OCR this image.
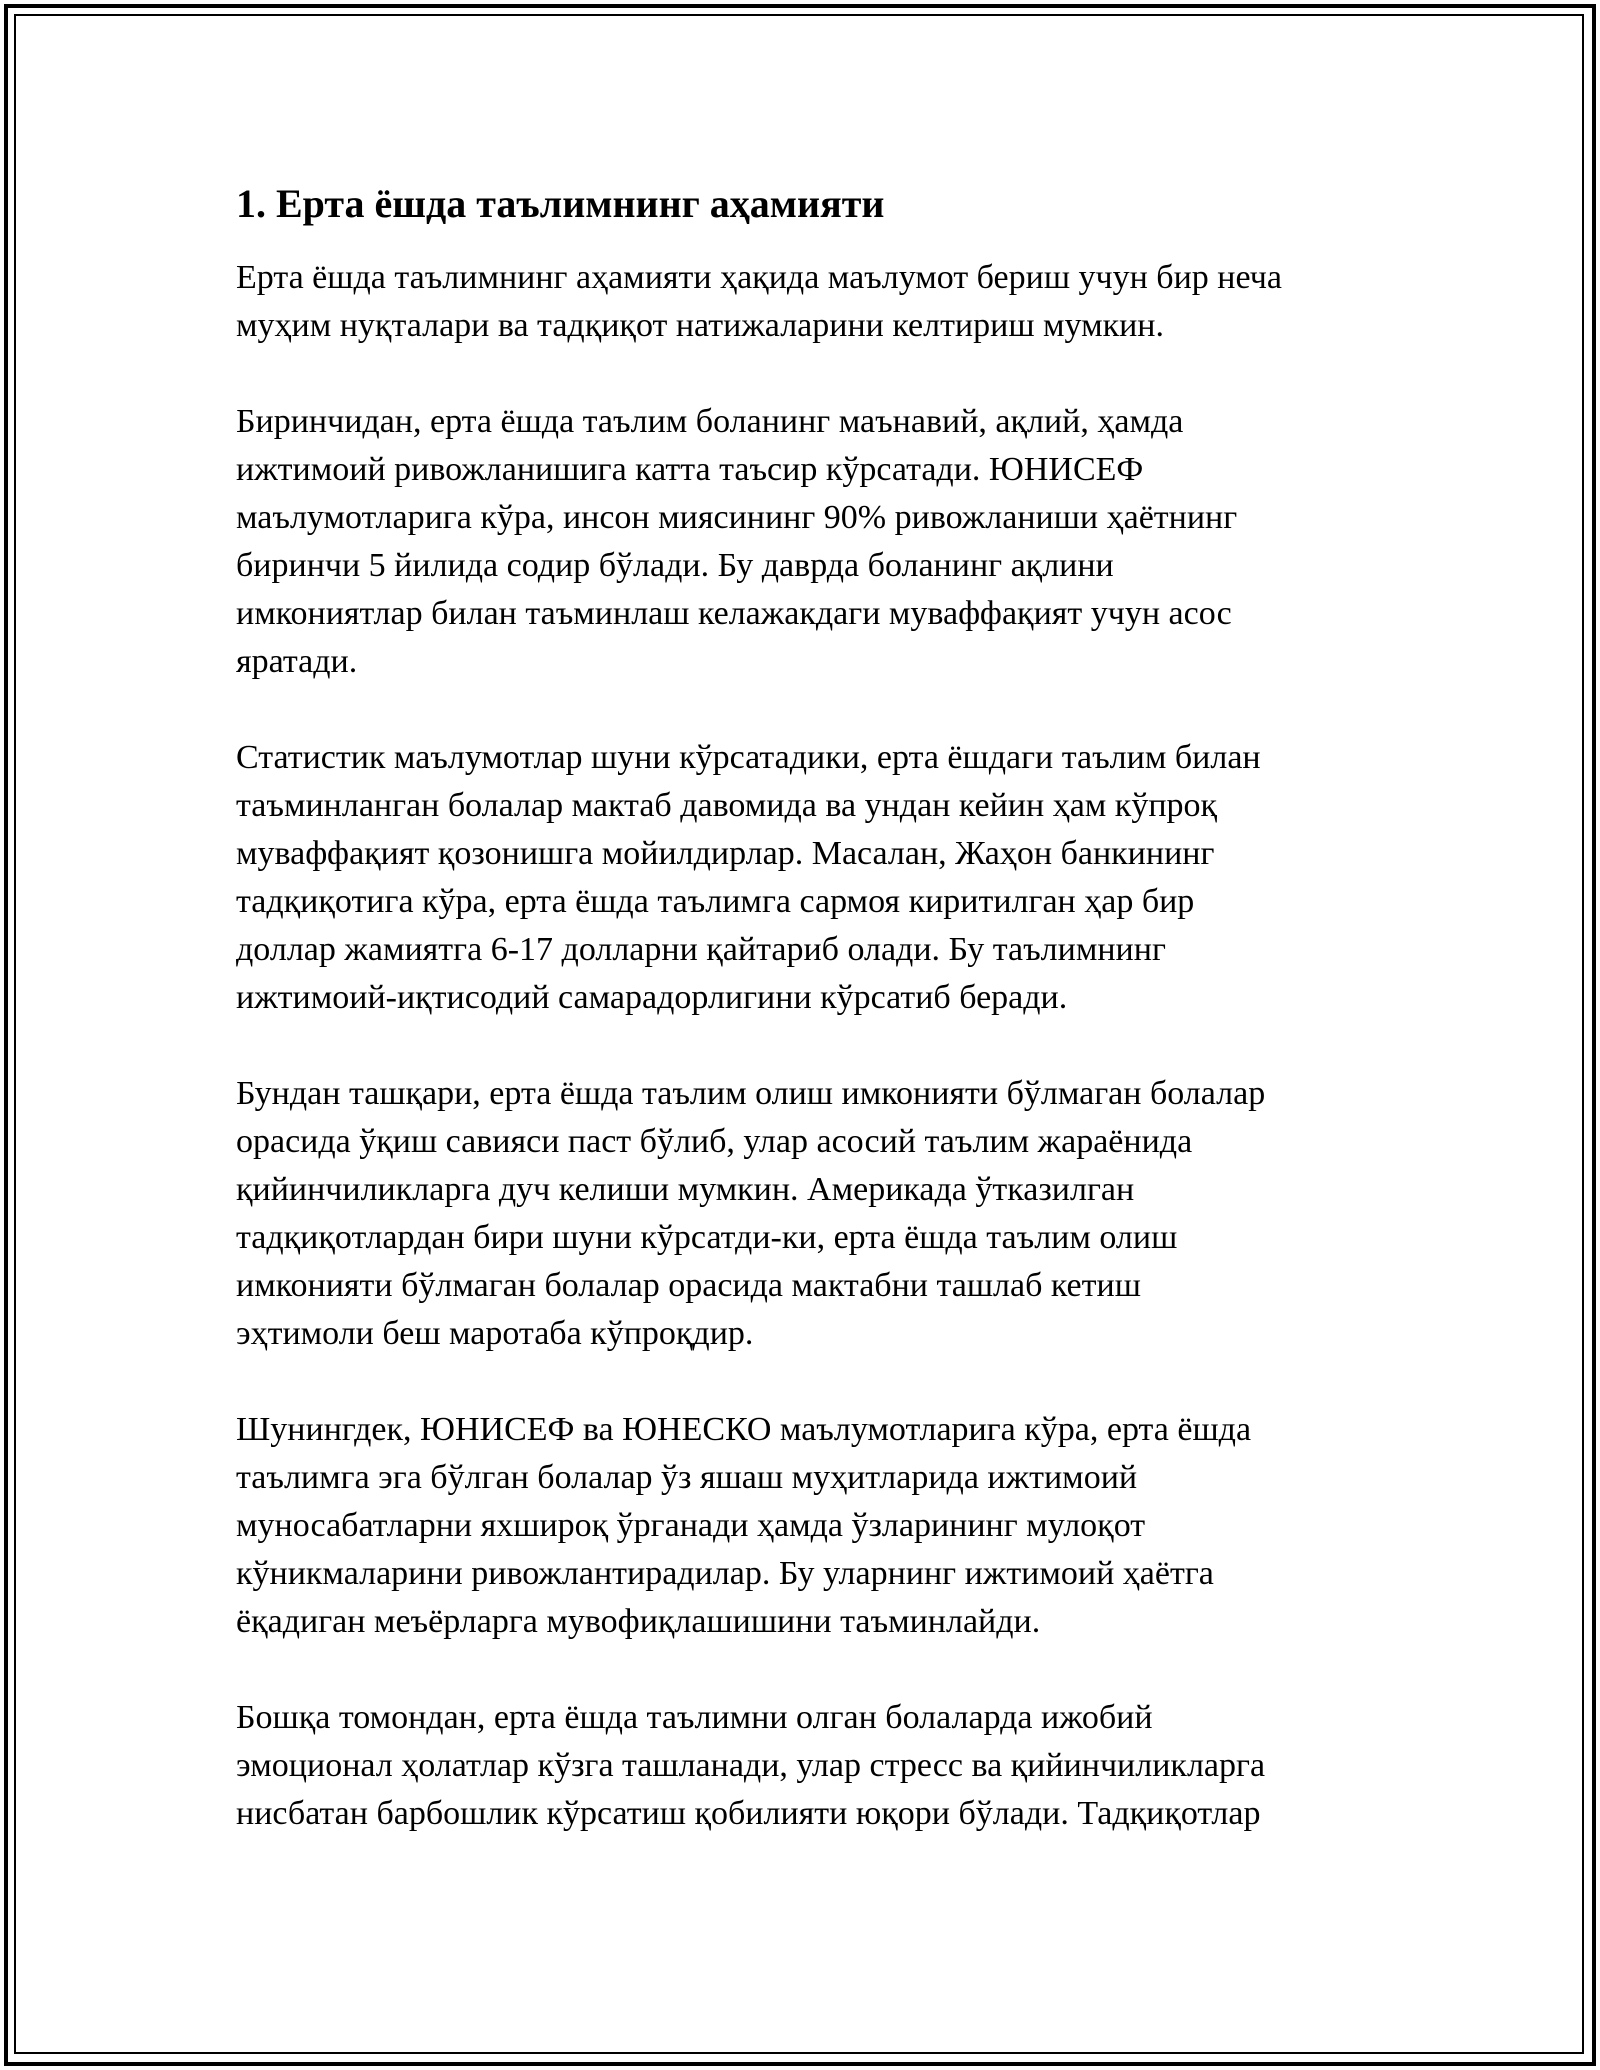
1. Ерта ёшда таълимнинг аҳамияти

Ерта ёшда таълимнинг аҳамияти ҳақида маълумот бериш учун бир неча
муҳим нуқталари ва тадқиқот натижаларини келтириш мумкин.

Биринчидан, ерта ёшда таълим боланинг маънавий, ақлий, ҳамда
ижтимоий ривожланишига катта таъсир кўрсатади. ЮНИСЕФ
маълумотларига кўра, инсон миясининг 90% ривожланиши ҳаётнинг
биринчи 5 йилида содир бўлади. Бу даврда боланинг ақлини
имкониятлар билан таъминлаш келажакдаги муваффақият учун асос
яратади.

Статистик маълумотлар шуни кўрсатадики, ерта ёшдаги таълим билан
таъминланган болалар мактаб давомида ва ундан кейин ҳам кўпроқ
муваффақият қозонишга мойилдирлар. Масалан, Жаҳон банкининг
тадқиқотига кўра, ерта ёшда таълимга сармоя киритилган ҳар бир
доллар жамиятга 6-17 долларни қайтариб олади. Бу таълимнинг
ижтимоий-иқтисодий самарадорлигини кўрсатиб беради.

Бундан ташқари, ерта ёшда таълим олиш имконияти бўлмаган болалар
орасида ўқиш савияси паст бўлиб, улар асосий таълим жараёнида
қийинчиликларга дуч келиши мумкин. Америкада ўтказилган
тадқиқотлардан бири шуни кўрсатди-ки, ерта ёшда таълим олиш
имконияти бўлмаган болалар орасида мактабни ташлаб кетиш
эҳтимоли беш маротаба кўпроқдир.

Шунингдек, ЮНИСЕФ ва ЮНЕСКО маълумотларига кўра, ерта ёшда
таълимга эга бўлган болалар ўз яшаш муҳитларида ижтимоий
муносабатларни яхшироқ ўрганади ҳамда ўзларининг мулоқот
кўникмаларини ривожлантирадилар. Бу уларнинг ижтимоий ҳаётга
ёқадиган меъёрларга мувофиқлашишини таъминлайди.

Бошқа томондан, ерта ёшда таълимни олган болаларда ижобий
эмоционал ҳолатлар кўзга ташланади, улар стресс ва қийинчиликларга
нисбатан барбошлик кўрсатиш қобилияти юқори бўлади. Тадқиқотлар
